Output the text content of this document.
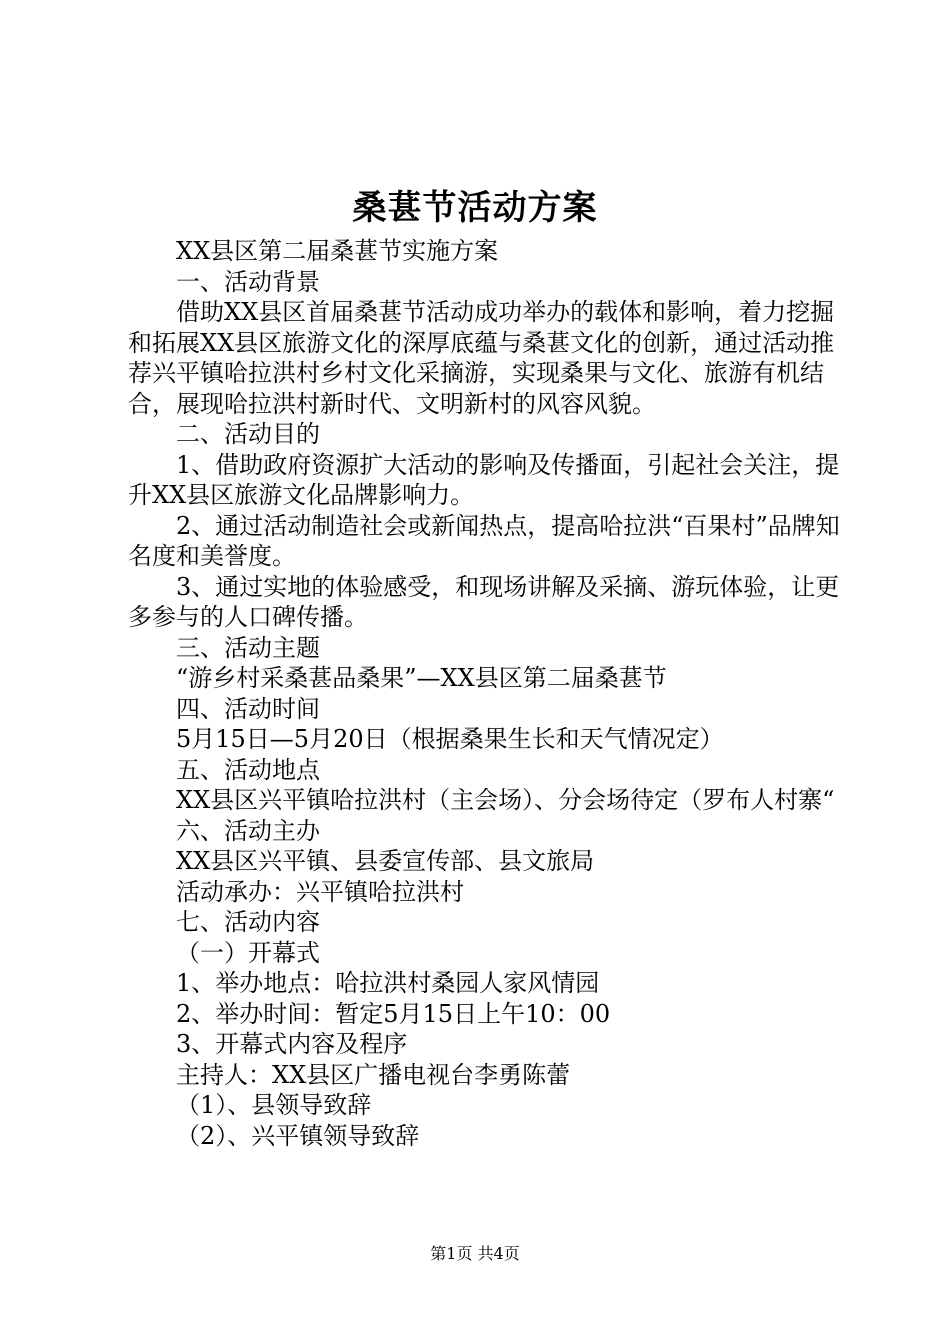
桑葚节活动方案

XX县区第二届桑葚节实施方案

一、活动背景

借助XX县区首届桑葚节活动成功举办的载体和影响，着力挖掘和拓展XX县区旅游文化的深厚底蕴与桑葚文化的创新，通过活动推荐兴平镇哈拉洪村乡村文化采摘游，实现桑果与文化、旅游有机结合，展现哈拉洪村新时代、文明新村的风容风貌。

二、活动目的

1、借助政府资源扩大活动的影响及传播面，引起社会关注，提升XX县区旅游文化品牌影响力。

2、通过活动制造社会或新闻热点，提高哈拉洪“百果村”品牌知名度和美誉度。

3、通过实地的体验感受，和现场讲解及采摘、游玩体验，让更多参与的人口碑传播。

三、活动主题

“游乡村采桑葚品桑果”—XX县区第二届桑葚节

四、活动时间

5月15日—5月20日（根据桑果生长和天气情况定）

五、活动地点

XX县区兴平镇哈拉洪村（主会场）、分会场待定（罗布人村寨“

六、活动主办

XX县区兴平镇、县委宣传部、县文旅局

活动承办：兴平镇哈拉洪村

七、活动内容

（一）开幕式

1、举办地点：哈拉洪村桑园人家风情园

2、举办时间：暂定5月15日上午10：00

3、开幕式内容及程序

主持人：XX县区广播电视台李勇陈蕾

（1）、县领导致辞

（2）、兴平镇领导致辞

第1页 共4页
